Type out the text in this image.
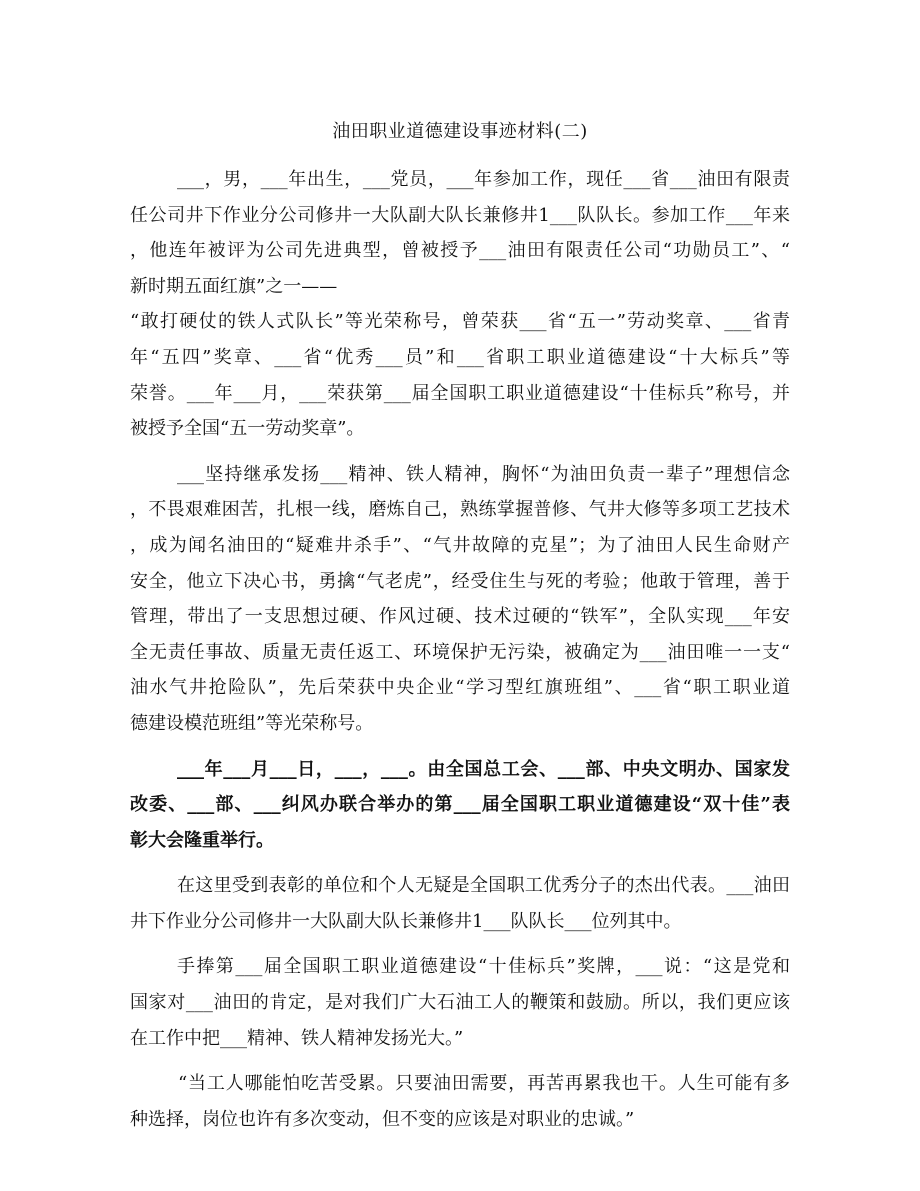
油田职业道德建设事迹材料(二)
___，男，___年出生，___党员，___年参加工作，现任___省___油田有限责
任公司井下作业分公司修井一大队副大队长兼修井1___队队长。参加工作___年来
，他连年被评为公司先进典型，曾被授予___油田有限责任公司“功勋员工”、“
新时期五面红旗”之一——
“敢打硬仗的铁人式队长”等光荣称号，曾荣获___省“五一”劳动奖章、___省青
年“五四”奖章、___省“优秀___员”和___省职工职业道德建设“十大标兵”等
荣誉。___年___月，___荣获第___届全国职工职业道德建设“十佳标兵”称号，并
被授予全国“五一劳动奖章”。
___坚持继承发扬___精神、铁人精神，胸怀“为油田负责一辈子”理想信念
，不畏艰难困苦，扎根一线，磨炼自己，熟练掌握普修、气井大修等多项工艺技术
，成为闻名油田的“疑难井杀手”、“气井故障的克星”；为了油田人民生命财产
安全，他立下决心书，勇擒“气老虎”，经受住生与死的考验；他敢于管理，善于
管理，带出了一支思想过硬、作风过硬、技术过硬的“铁军”，全队实现___年安
全无责任事故、质量无责任返工、环境保护无污染，被确定为___油田唯一一支“
油水气井抢险队”，先后荣获中央企业“学习型红旗班组”、___省“职工职业道
德建设模范班组”等光荣称号。
___年___月___日，___，___。由全国总工会、___部、中央文明办、国家发
改委、___部、___纠风办联合举办的第___届全国职工职业道德建设“双十佳”表
彰大会隆重举行。
在这里受到表彰的单位和个人无疑是全国职工优秀分子的杰出代表。___油田
井下作业分公司修井一大队副大队长兼修井1___队队长___位列其中。
手捧第___届全国职工职业道德建设“十佳标兵”奖牌，___说：“这是党和
国家对___油田的肯定，是对我们广大石油工人的鞭策和鼓励。所以，我们更应该
在工作中把___精神、铁人精神发扬光大。”
“当工人哪能怕吃苦受累。只要油田需要，再苦再累我也干。人生可能有多
种选择，岗位也许有多次变动，但不变的应该是对职业的忠诚。”
